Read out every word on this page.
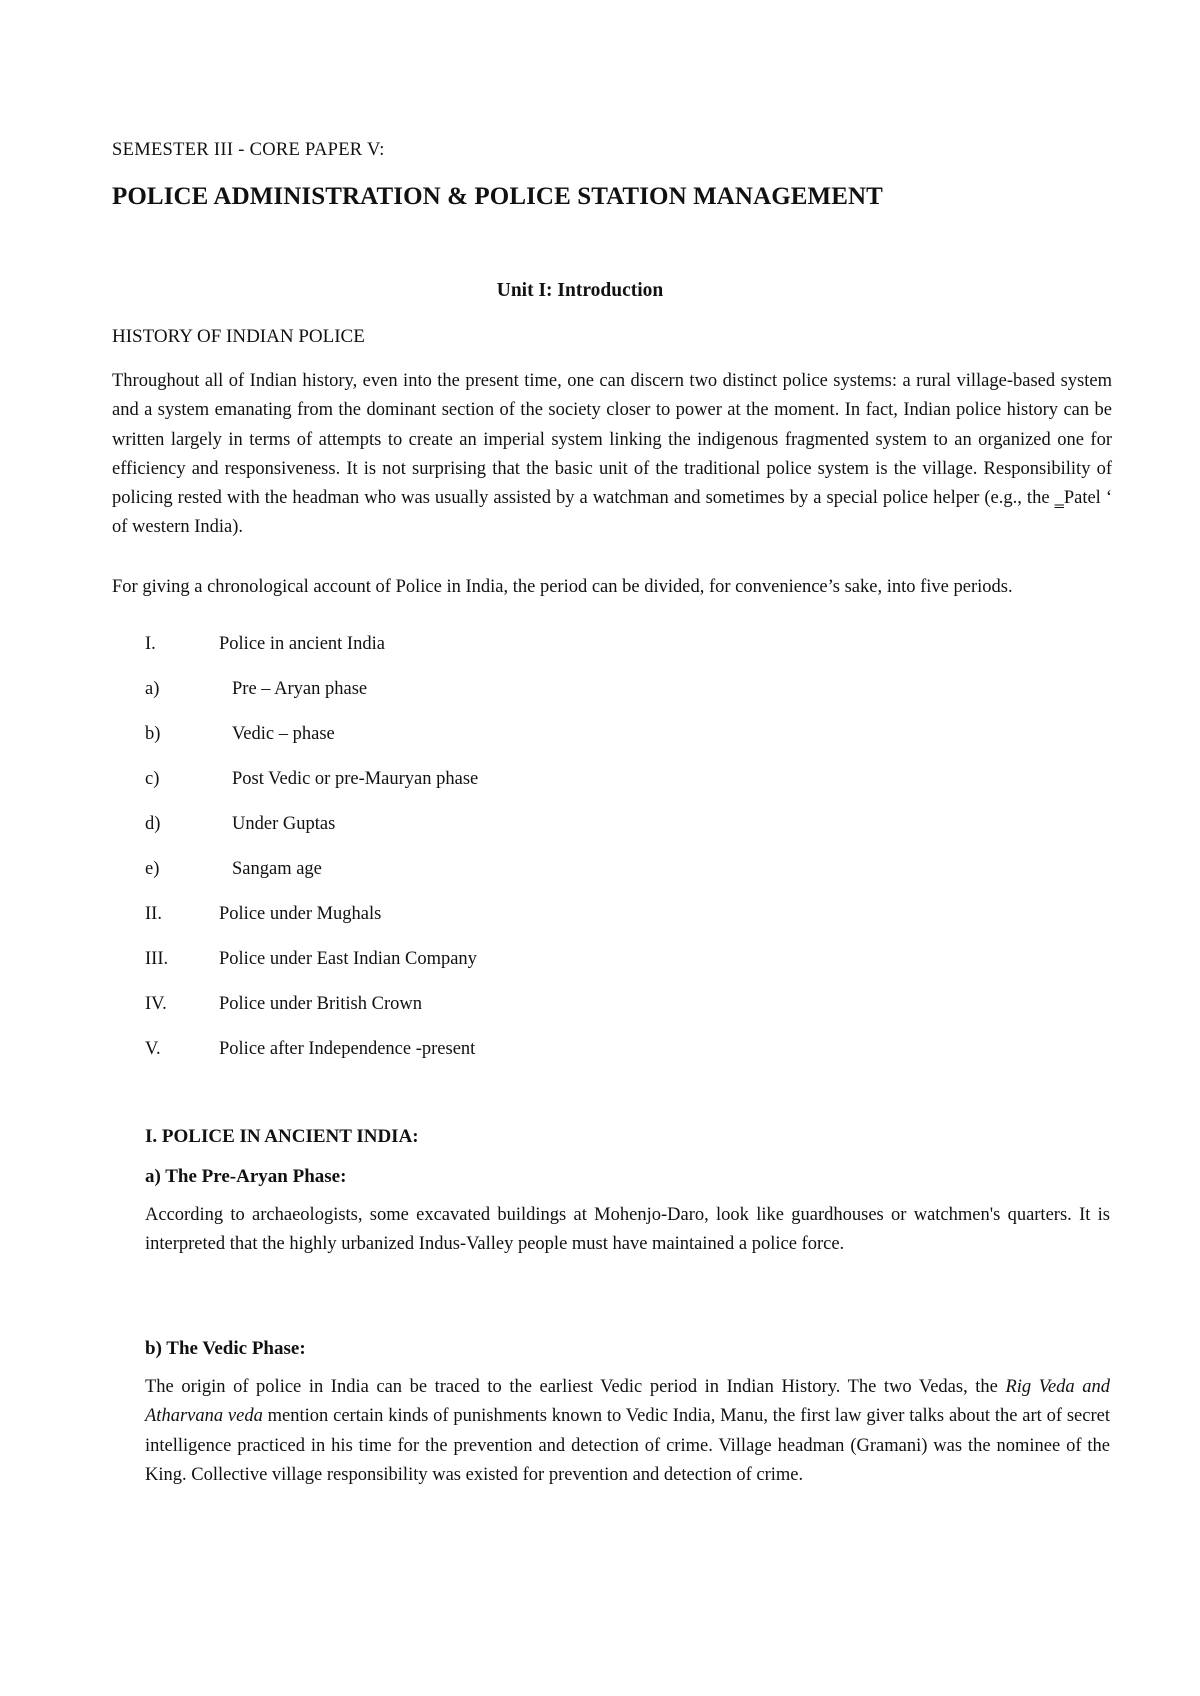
SEMESTER III - CORE PAPER V:
POLICE ADMINISTRATION & POLICE STATION MANAGEMENT
Unit I: Introduction
HISTORY OF INDIAN POLICE

Throughout all of Indian history, even into the present time, one can discern two distinct police systems: a rural village-based system and a system emanating from the dominant section of the society closer to power at the moment. In fact, Indian police history can be written largely in terms of attempts to create an imperial system linking the indigenous fragmented system to an organized one for efficiency and responsiveness. It is not surprising that the basic unit of the traditional police system is the village. Responsibility of policing rested with the headman who was usually assisted by a watchman and sometimes by a special police helper (e.g., the ‗Patel ‘ of western India).

For giving a chronological account of Police in India, the period can be divided, for convenience’s sake, into five periods.

I.	Police in ancient India
a)	Pre – Aryan phase
b)	Vedic – phase
c)	Post Vedic or pre-Mauryan phase
d)	Under Guptas
e)	Sangam age
II.	Police under Mughals
III.	Police under East Indian Company
IV.	Police under British Crown
V.	Police after Independence -present
I. POLICE IN ANCIENT INDIA:
a) The Pre-Aryan Phase:

According to archaeologists, some excavated buildings at Mohenjo-Daro, look like guardhouses or watchmen's quarters. It is interpreted that the highly urbanized Indus-Valley people must have maintained a police force.

b) The Vedic Phase:

The origin of police in India can be traced to the earliest Vedic period in Indian History. The two Vedas, the Rig Veda and Atharvana veda mention certain kinds of punishments known to Vedic India, Manu, the first law giver talks about the art of secret intelligence practiced in his time for the prevention and detection of crime. Village headman (Gramani) was the nominee of the King. Collective village responsibility was existed for prevention and detection of crime.
